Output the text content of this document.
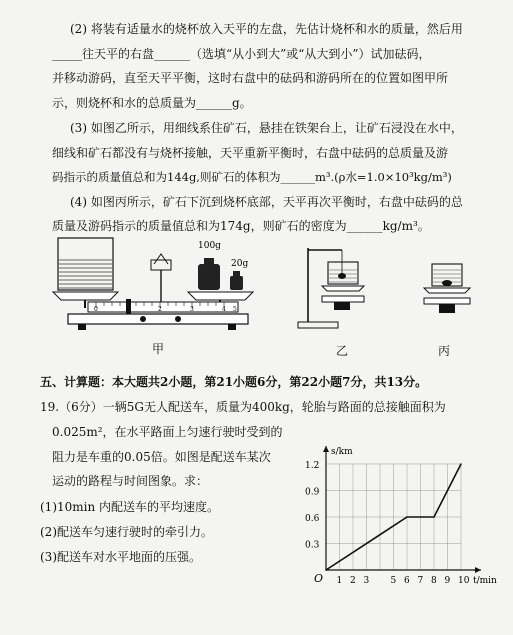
(2) 将装有适量水的烧杯放入天平的左盘，先估计烧杯和水的质量，然后用
_____往天平的右盘______（选填“从小到大”或“从大到小”）试加砝码，
并移动游码，直至天平平衡，这时右盘中的砝码和游码所在的位置如图甲所
示，则烧杯和水的总质量为______g。
(3) 如图乙所示，用细线系住矿石，悬挂在铁架台上，让矿石浸没在水中，
细线和矿石都没有与烧杯接触，天平重新平衡时，右盘中砝码的总质量及游
码指示的质量值总和为144g,则矿石的体积为______m³.(ρ水=1.0×10³kg/m³)
(4) 如图丙所示，矿石下沉到烧杯底部，天平再次平衡时，右盘中砝码的总
质量及游码指示的质量值总和为174g，则矿石的密度为______kg/m³。
100g
20g
0	1	2	3	4 5
甲	乙	丙
五、计算题：本大题共2小题，第21小题6分，第22小题7分，共13分。
19.（6分）一辆5G无人配送车，质量为400kg，轮胎与路面的总接触面积为
0.025m²，在水平路面上匀速行驶时受到的
阻力是车重的0.05倍。如图是配送车某次
运动的路程与时间图象。求：
(1)10min 内配送车的平均速度。
(2)配送车匀速行驶时的牵引力。
(3)配送车对水平地面的压强。
s/km
t/min
O
0.3
0.6
0.9
1.2
1 2 3 5 6 7 8 9 10
